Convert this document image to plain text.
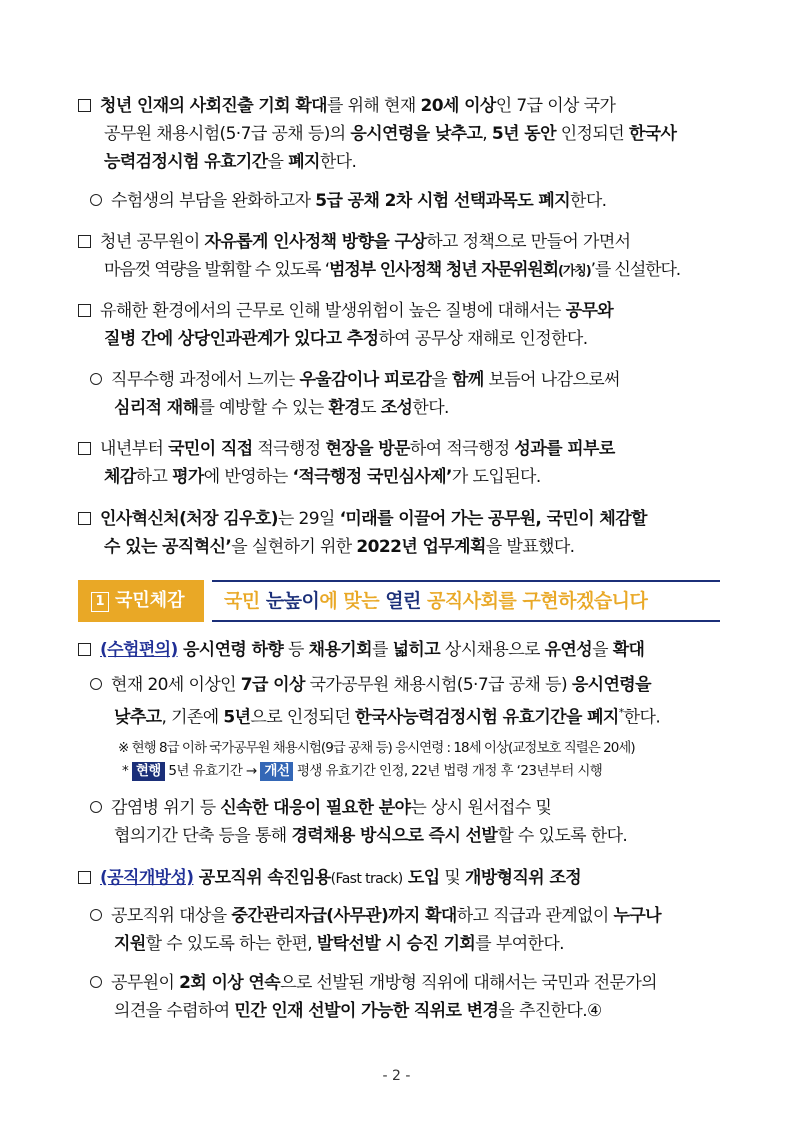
청년 인재의 사회진출 기회 확대를 위해 현재 20세 이상인 7급 이상 국가
공무원 채용시험(5·7급 공채 등)의 응시연령을 낮추고, 5년 동안 인정되던 한국사
능력검정시험 유효기간을 폐지한다.
수험생의 부담을 완화하고자 5급 공채 2차 시험 선택과목도 폐지한다.
청년 공무원이 자유롭게 인사정책 방향을 구상하고 정책으로 만들어 가면서
마음껏 역량을 발휘할 수 있도록 ‘범정부 인사정책 청년 자문위원회(가칭)’를 신설한다.
유해한 환경에서의 근무로 인해 발생위험이 높은 질병에 대해서는 공무와
질병 간에 상당인과관계가 있다고 추정하여 공무상 재해로 인정한다.
직무수행 과정에서 느끼는 우울감이나 피로감을 함께 보듬어 나감으로써
심리적 재해를 예방할 수 있는 환경도 조성한다.
내년부터 국민이 직접 적극행정 현장을 방문하여 적극행정 성과를 피부로
체감하고 평가에 반영하는 ‘적극행정 국민심사제’가 도입된다.
인사혁신처(처장 김우호)는 29일 ‘미래를 이끌어 가는 공무원, 국민이 체감할
수 있는 공직혁신’을 실현하기 위한 2022년 업무계획을 발표했다.
1 국민체감	국민 눈높이에 맞는 열린 공직사회를 구현하겠습니다
(수험편의) 응시연령 하향 등 채용기회를 넓히고 상시채용으로 유연성을 확대
현재 20세 이상인 7급 이상 국가공무원 채용시험(5·7급 공채 등) 응시연령을
낮추고, 기존에 5년으로 인정되던 한국사능력검정시험 유효기간을 폐지*한다.
※ 현행 8급 이하 국가공무원 채용시험(9급 공채 등) 응시연령 : 18세 이상(교정보호 직렬은 20세)
* 현행 5년 유효기간 → 개선 평생 유효기간 인정, 22년 법령 개정 후 ‘23년부터 시행
감염병 위기 등 신속한 대응이 필요한 분야는 상시 원서접수 및
협의기간 단축 등을 통해 경력채용 방식으로 즉시 선발할 수 있도록 한다.
(공직개방성) 공모직위 속진임용(Fast track) 도입 및 개방형직위 조정
공모직위 대상을 중간관리자급(사무관)까지 확대하고 직급과 관계없이 누구나
지원할 수 있도록 하는 한편, 발탁선발 시 승진 기회를 부여한다.
공무원이 2회 이상 연속으로 선발된 개방형 직위에 대해서는 국민과 전문가의
의견을 수렴하여 민간 인재 선발이 가능한 직위로 변경을 추진한다.④
- 2 -
